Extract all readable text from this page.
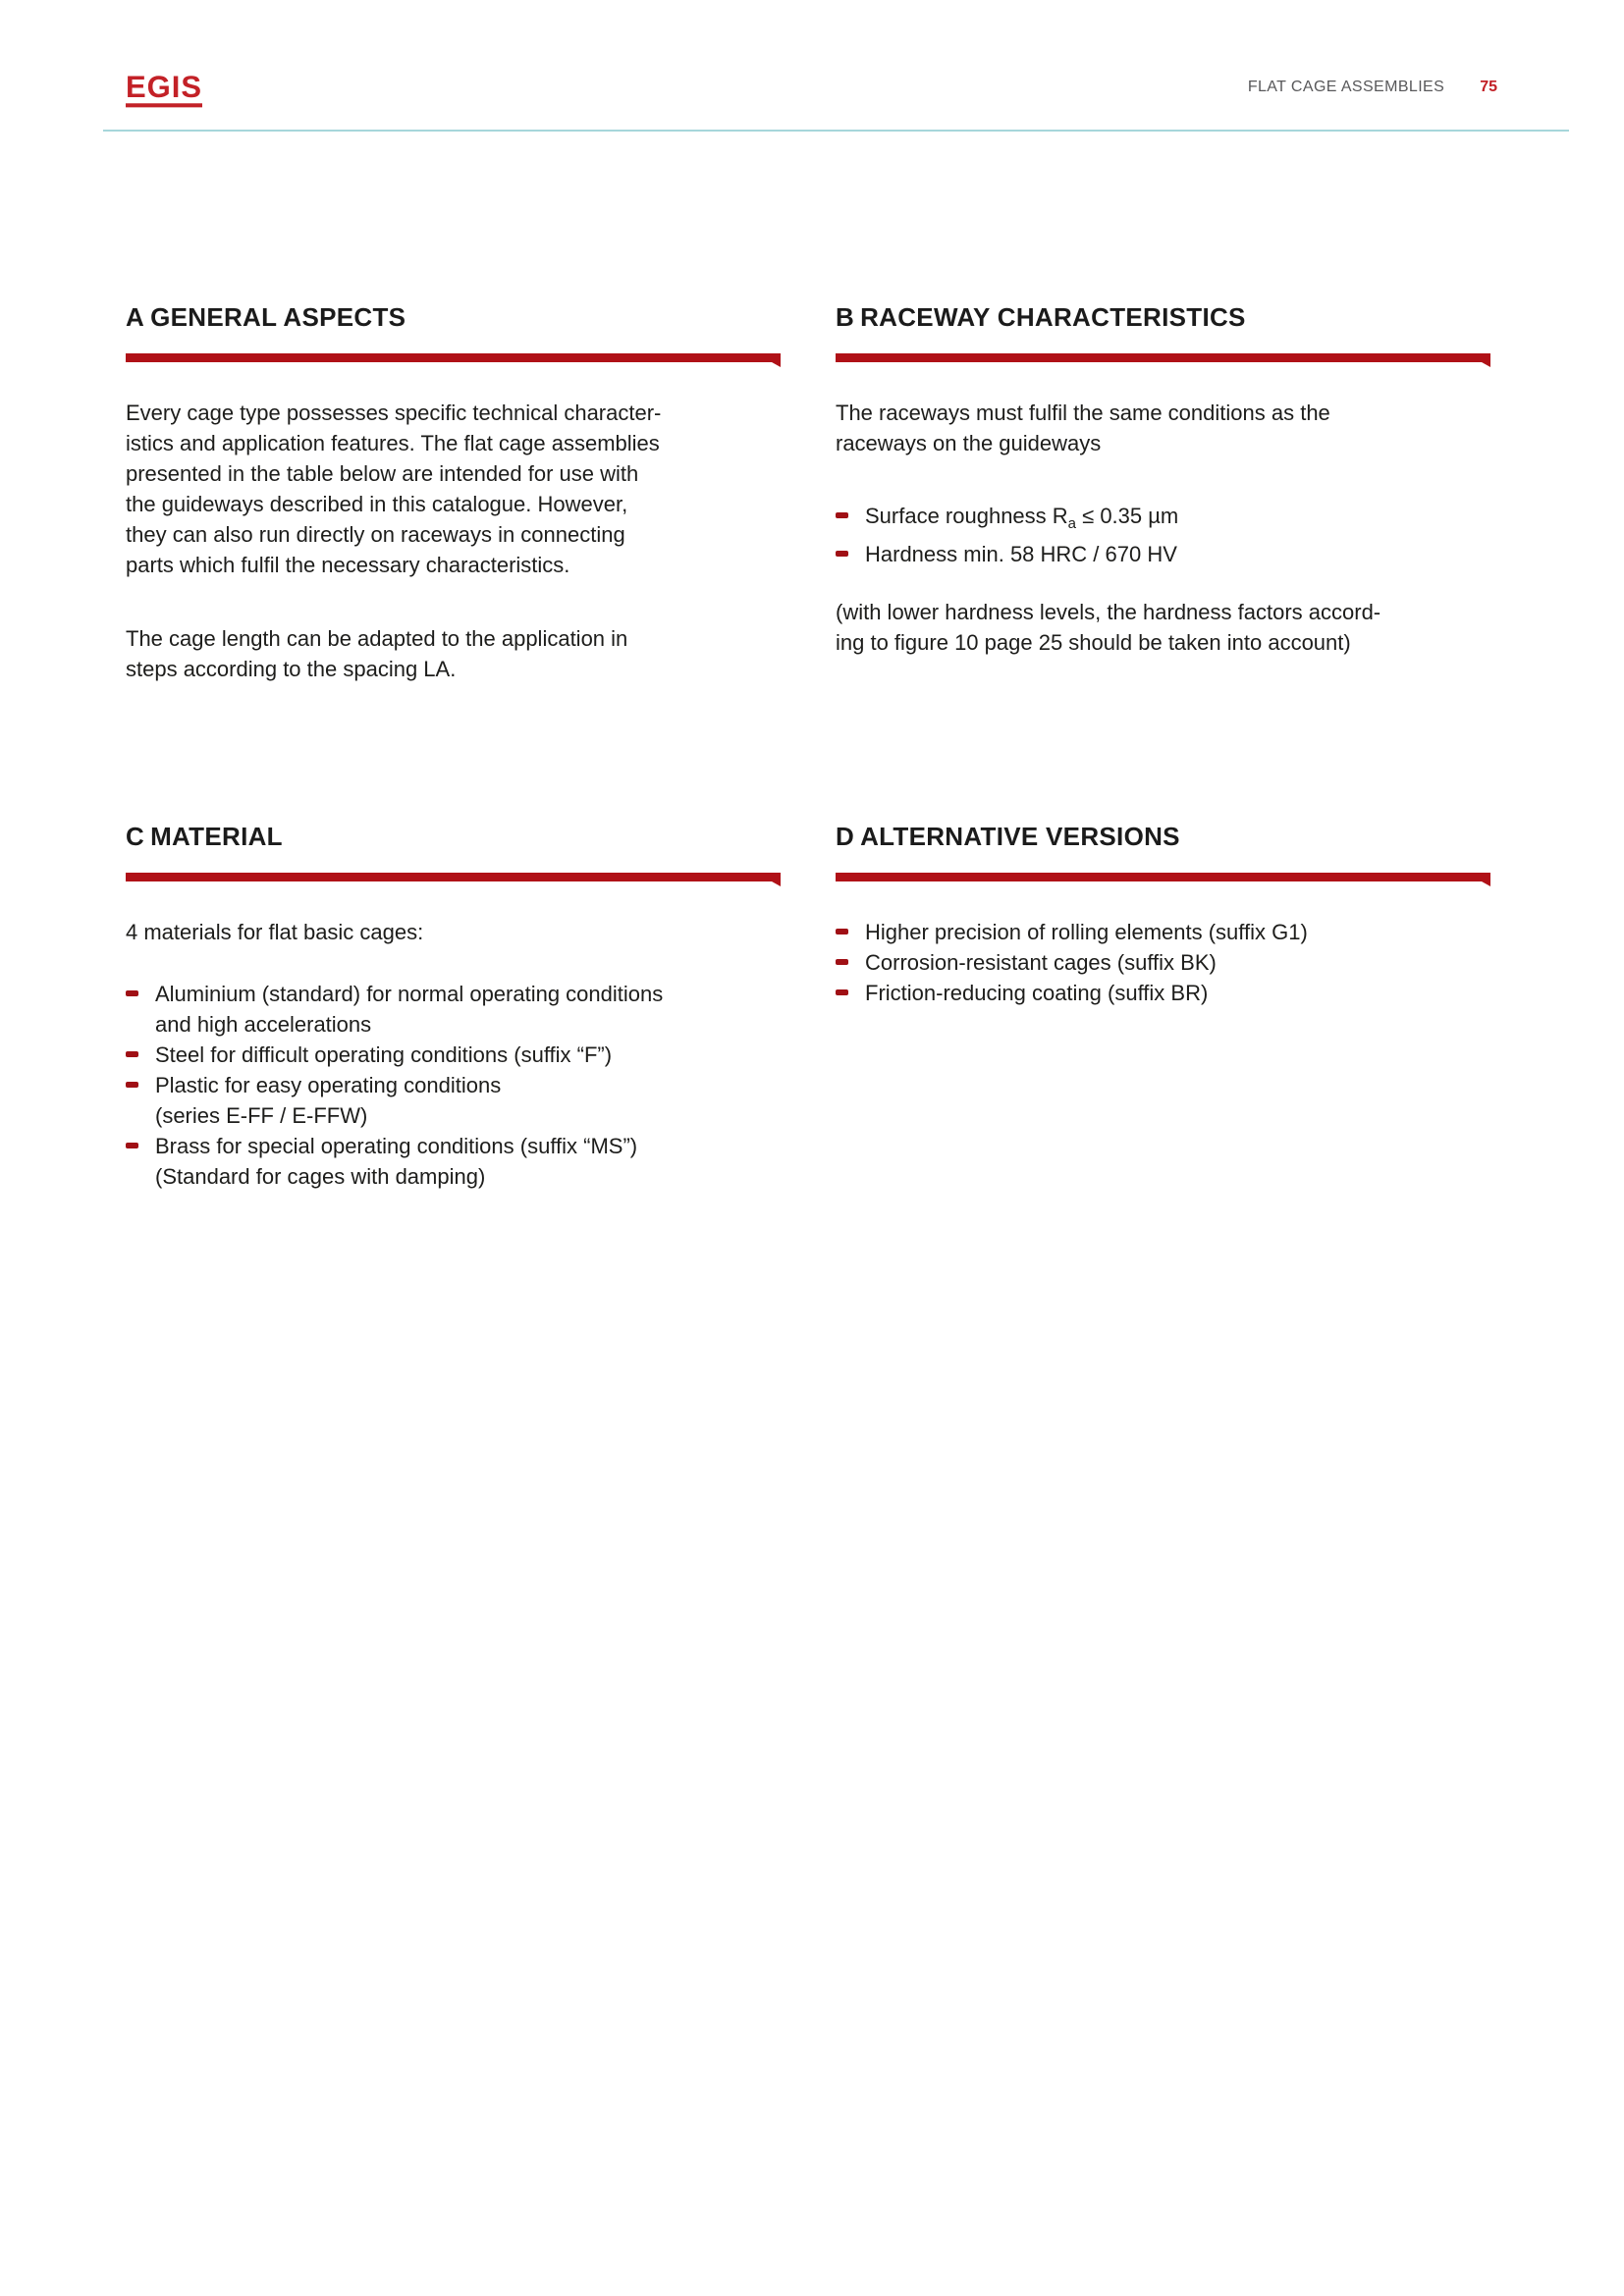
EGIS	FLAT CAGE ASSEMBLIES 75
A GENERAL ASPECTS
Every cage type possesses specific technical character-
istics and application features. The flat cage assemblies
presented in the table below are intended for use with
the guideways described in this catalogue. However,
they can also run directly on raceways in connecting
parts which fulfil the necessary characteristics.
The cage length can be adapted to the application in
steps according to the spacing LA.
B RACEWAY CHARACTERISTICS
The raceways must fulfil the same conditions as the
raceways on the guideways
Surface roughness $R_a \le 0.35$ µm
Hardness min. 58 HRC / 670 HV
(with lower hardness levels, the hardness factors accord-
ing to figure 10 page 25 should be taken into account)
C MATERIAL
4 materials for flat basic cages:
Aluminium (standard) for normal operating conditions
and high accelerations
Steel for difficult operating conditions (suffix “F”)
Plastic for easy operating conditions
(series E-FF / E-FFW)
Brass for special operating conditions (suffix “MS”)
(Standard for cages with damping)
D ALTERNATIVE VERSIONS
Higher precision of rolling elements (suffix G1)
Corrosion-resistant cages (suffix BK)
Friction-reducing coating (suffix BR)
